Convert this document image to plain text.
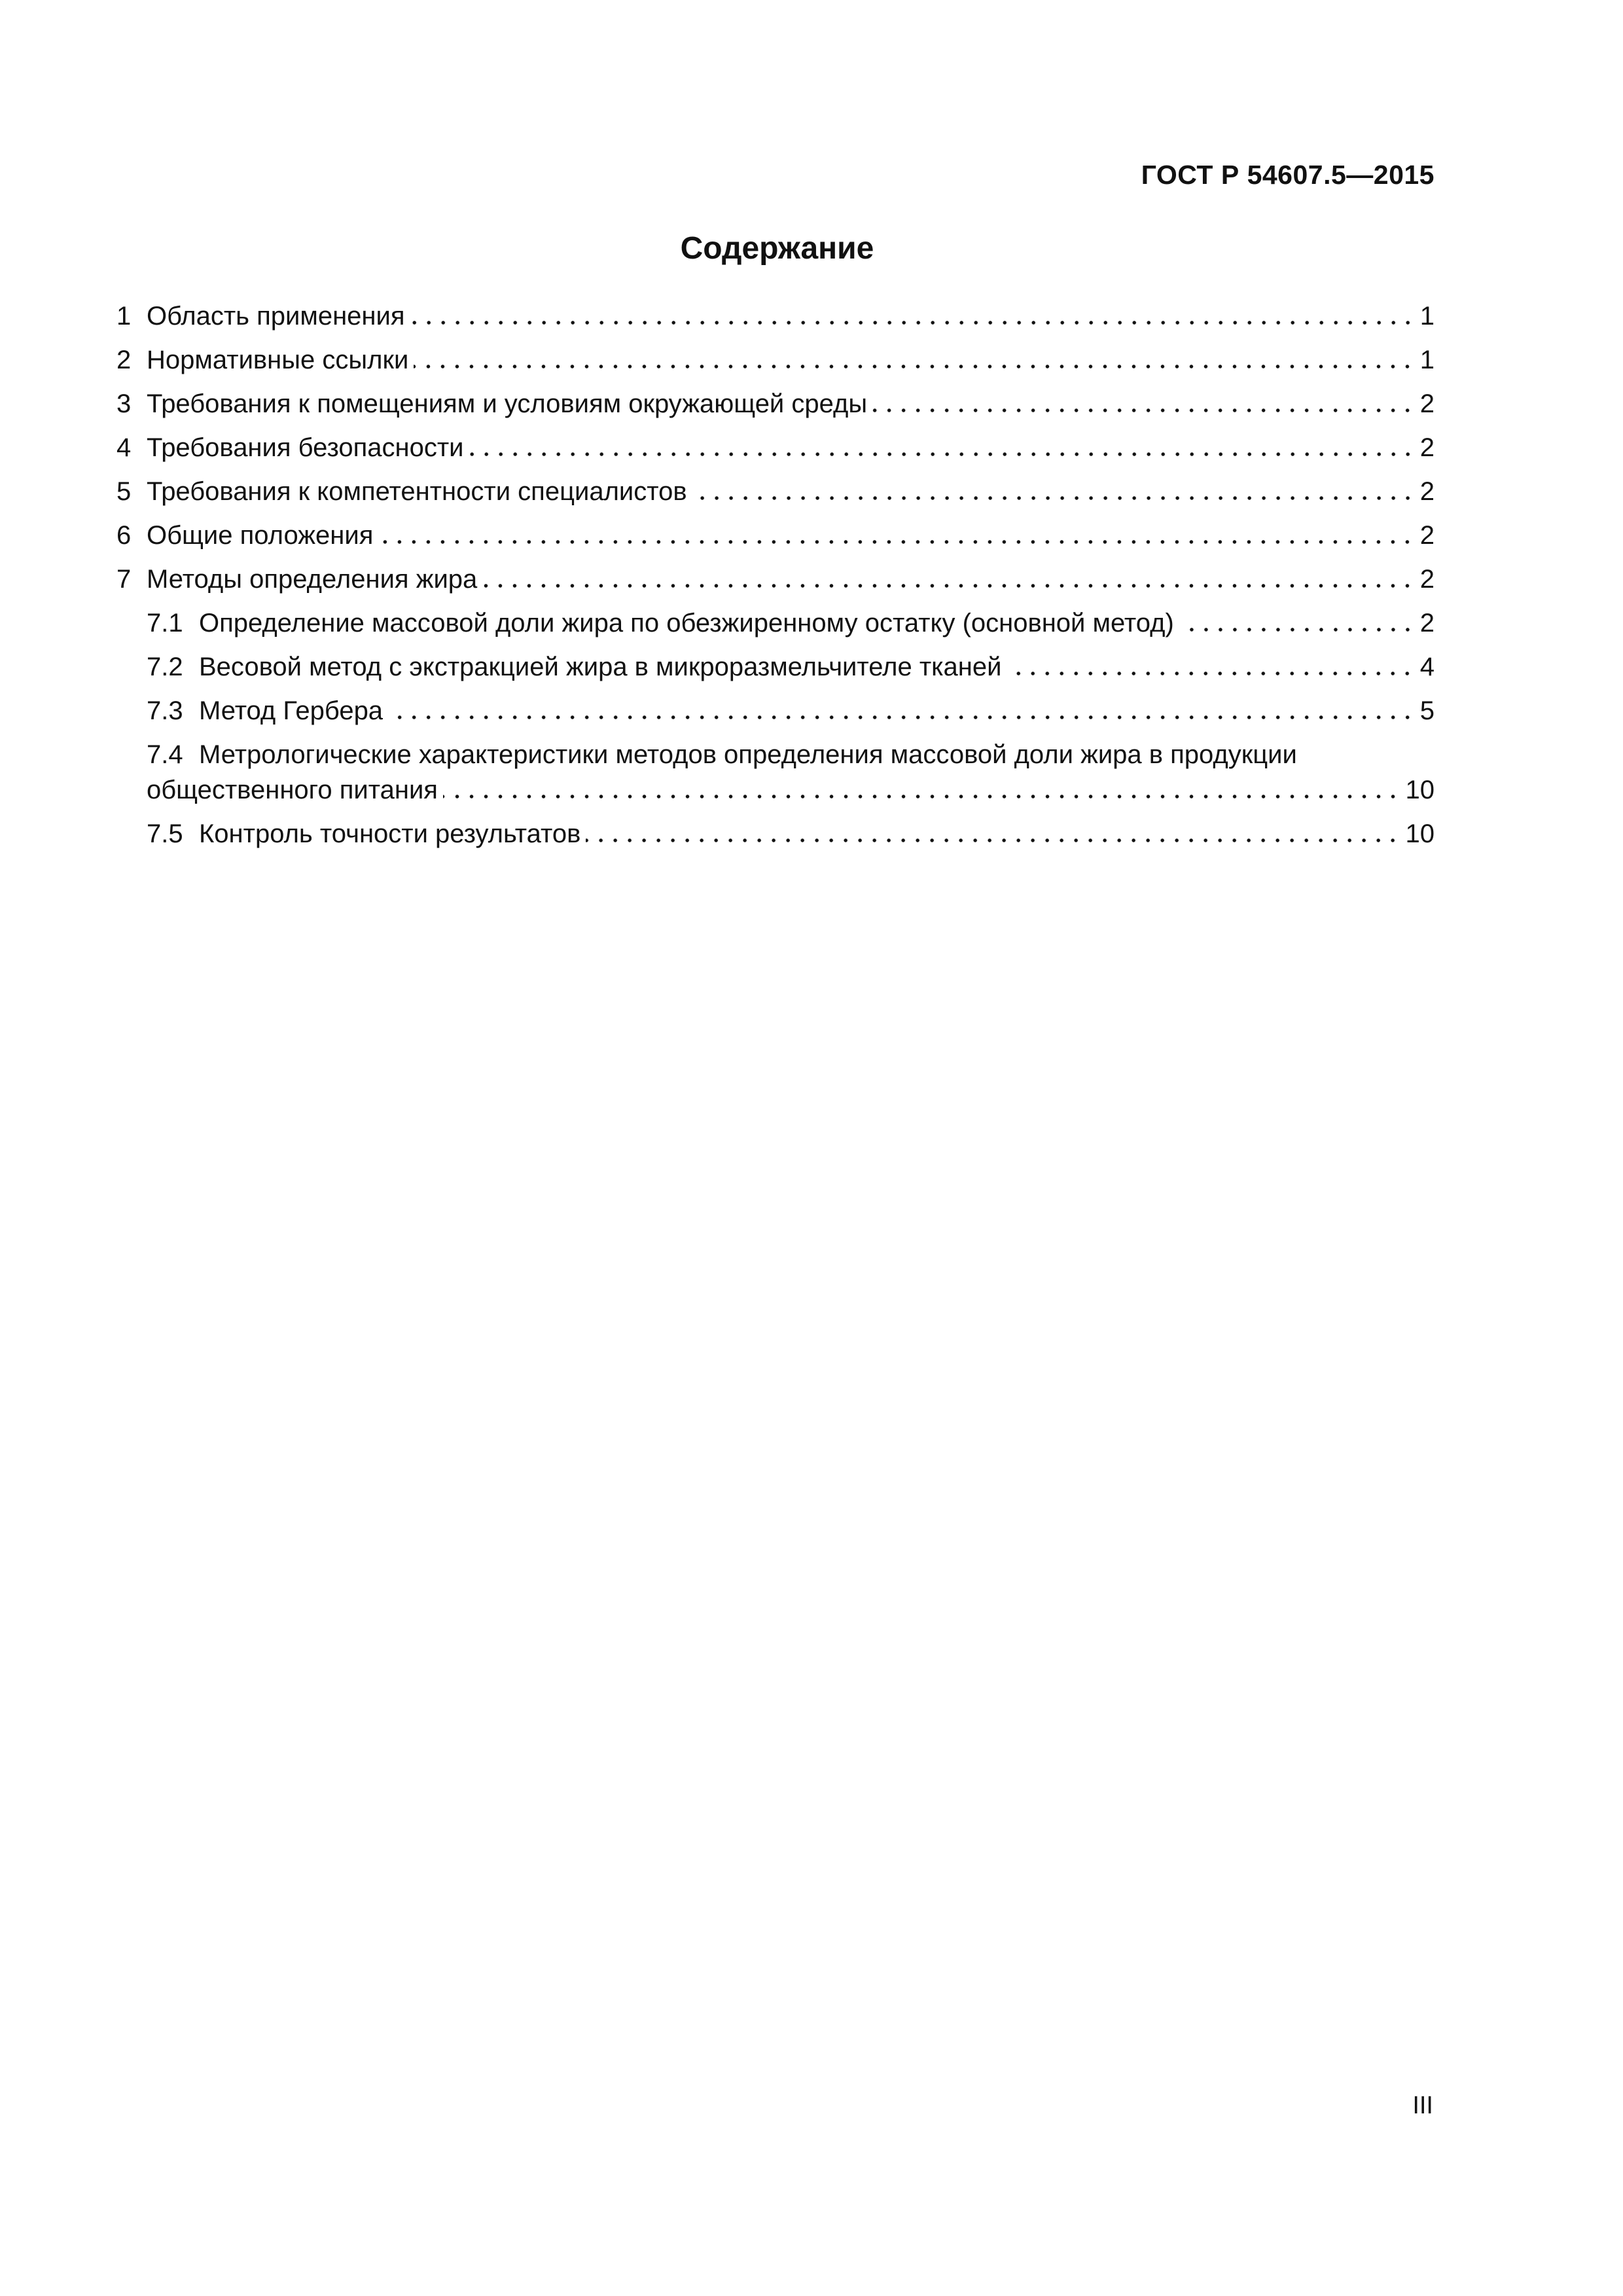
ГОСТ Р 54607.5—2015
Содержание
1 Область применения	1
2 Нормативные ссылки	1
3 Требования к помещениям и условиям окружающей среды	2
4 Требования безопасности	2
5 Требования к компетентности специалистов	2
6 Общие положения	2
7 Методы определения жира	2
7.1 Определение массовой доли жира по обезжиренному остатку (основной метод)	2
7.2 Весовой метод с экстракцией жира в микроразмельчителе тканей	4
7.3 Метод Гербера	5
7.4 Метрологические характеристики методов определения массовой доли жира в продукции
общественного питания	10
7.5 Контроль точности результатов	10
III
